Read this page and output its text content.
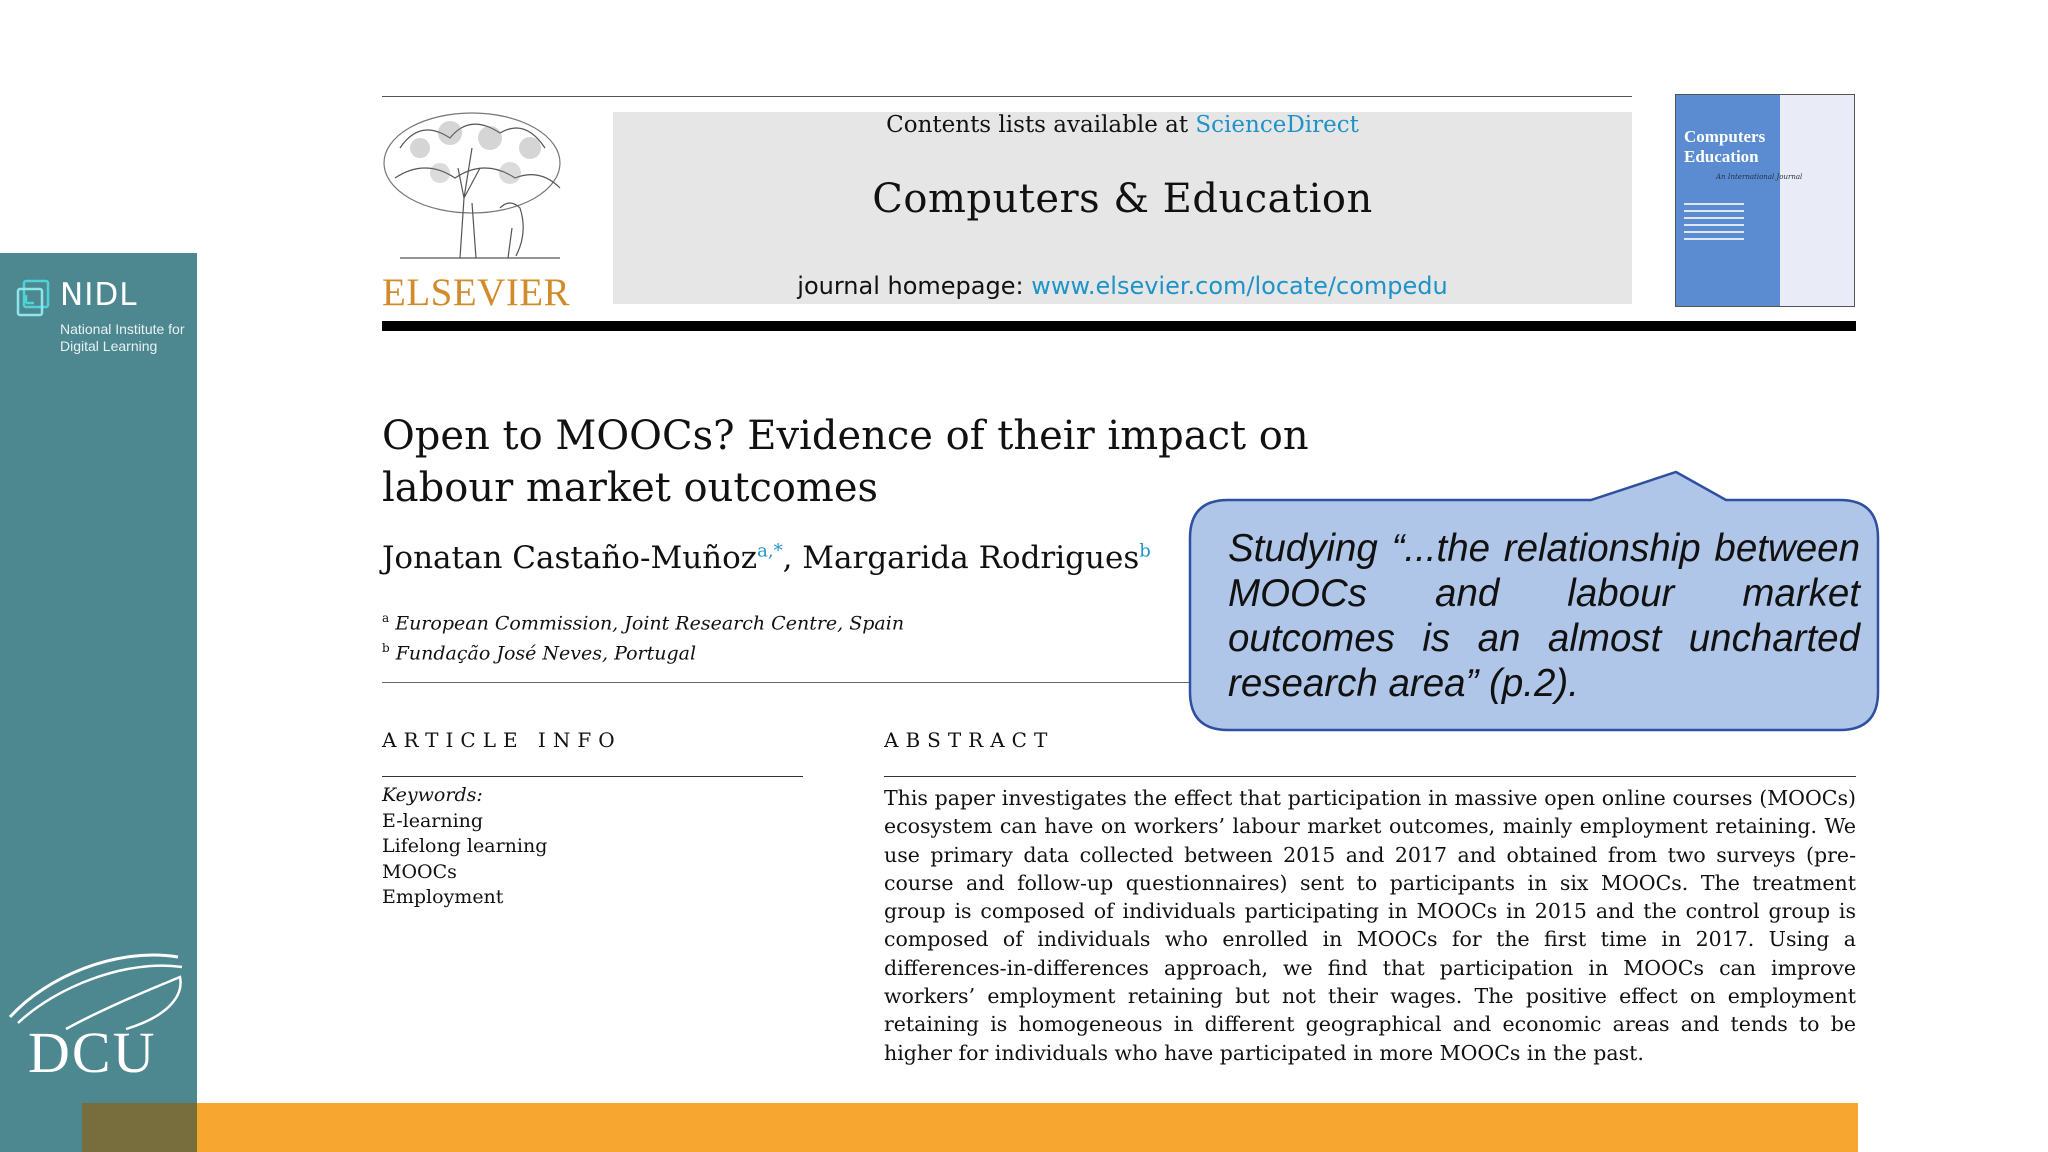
NIDL
National Institute for Digital Learning
DCU
ELSEVIER
Contents lists available at ScienceDirect
Computers & Education
journal homepage: www.elsevier.com/locate/compedu
Computers
Education
An International Journal
Open to MOOCs? Evidence of their impact on labour market outcomes
Jonatan Castaño-Muñoz$^{a,*}$, Margarida Rodrigues$^b$
$^a$ European Commission, Joint Research Centre, Spain
$^b$ Fundação José Neves, Portugal
ARTICLE INFO	ABSTRACT
Keywords:
E-learning
Lifelong learning
MOOCs
Employment
This paper investigates the effect that participation in massive open online courses (MOOCs) ecosystem can have on workers’ labour market outcomes, mainly employment retaining. We use primary data collected between 2015 and 2017 and obtained from two surveys (pre-course and follow-up questionnaires) sent to participants in six MOOCs. The treatment group is composed of individuals participating in MOOCs in 2015 and the control group is composed of individuals who enrolled in MOOCs for the first time in 2017. Using a differences-in-differences approach, we find that participation in MOOCs can improve workers’ employment retaining but not their wages. The positive effect on employment retaining is homogeneous in different geographical and economic areas and tends to be higher for individuals who have participated in more MOOCs in the past.
Studying “...the relationship between MOOCs and labour market outcomes is an almost uncharted research area” (p.2).
